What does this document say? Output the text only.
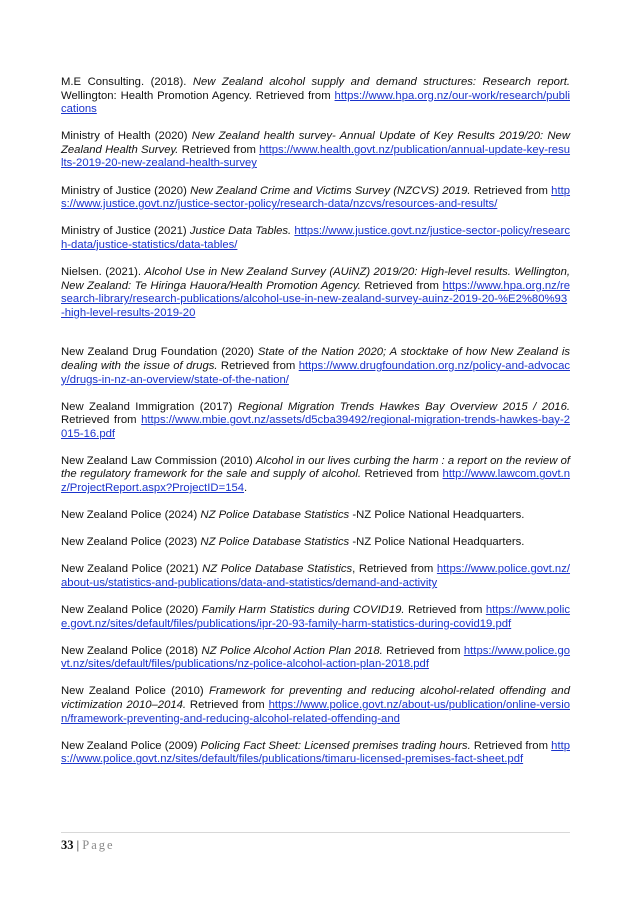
M.E Consulting. (2018). New Zealand alcohol supply and demand structures: Research report. Wellington: Health Promotion Agency. Retrieved from https://www.hpa.org.nz/our-work/research/publications

Ministry of Health (2020) New Zealand health survey- Annual Update of Key Results 2019/20: New Zealand Health Survey. Retrieved from https://www.health.govt.nz/publication/annual-update-key-results-2019-20-new-zealand-health-survey

Ministry of Justice (2020) New Zealand Crime and Victims Survey (NZCVS) 2019. Retrieved from https://www.justice.govt.nz/justice-sector-policy/research-data/nzcvs/resources-and-results/

Ministry of Justice (2021) Justice Data Tables. https://www.justice.govt.nz/justice-sector-policy/research-data/justice-statistics/data-tables/

Nielsen. (2021). Alcohol Use in New Zealand Survey (AUiNZ) 2019/20: High-level results. Wellington, New Zealand: Te Hiringa Hauora/Health Promotion Agency. Retrieved from https://www.hpa.org.nz/research-library/research-publications/alcohol-use-in-new-zealand-survey-auinz-2019-20-%E2%80%93-high-level-results-2019-20

New Zealand Drug Foundation (2020) State of the Nation 2020; A stocktake of how New Zealand is dealing with the issue of drugs. Retrieved from https://www.drugfoundation.org.nz/policy-and-advocacy/drugs-in-nz-an-overview/state-of-the-nation/

New Zealand Immigration (2017) Regional Migration Trends Hawkes Bay Overview 2015 / 2016. Retrieved from https://www.mbie.govt.nz/assets/d5cba39492/regional-migration-trends-hawkes-bay-2015-16.pdf

New Zealand Law Commission (2010) Alcohol in our lives curbing the harm : a report on the review of the regulatory framework for the sale and supply of alcohol. Retrieved from http://www.lawcom.govt.nz/ProjectReport.aspx?ProjectID=154.

New Zealand Police (2024) NZ Police Database Statistics -NZ Police National Headquarters.

New Zealand Police (2023) NZ Police Database Statistics -NZ Police National Headquarters.

New Zealand Police (2021) NZ Police Database Statistics, Retrieved from https://www.police.govt.nz/about-us/statistics-and-publications/data-and-statistics/demand-and-activity

New Zealand Police (2020) Family Harm Statistics during COVID19. Retrieved from https://www.police.govt.nz/sites/default/files/publications/ipr-20-93-family-harm-statistics-during-covid19.pdf

New Zealand Police (2018) NZ Police Alcohol Action Plan 2018. Retrieved from https://www.police.govt.nz/sites/default/files/publications/nz-police-alcohol-action-plan-2018.pdf

New Zealand Police (2010) Framework for preventing and reducing alcohol-related offending and victimization 2010–2014. Retrieved from https://www.police.govt.nz/about-us/publication/online-version/framework-preventing-and-reducing-alcohol-related-offending-and

New Zealand Police (2009) Policing Fact Sheet: Licensed premises trading hours. Retrieved from https://www.police.govt.nz/sites/default/files/publications/timaru-licensed-premises-fact-sheet.pdf

33 | Page
